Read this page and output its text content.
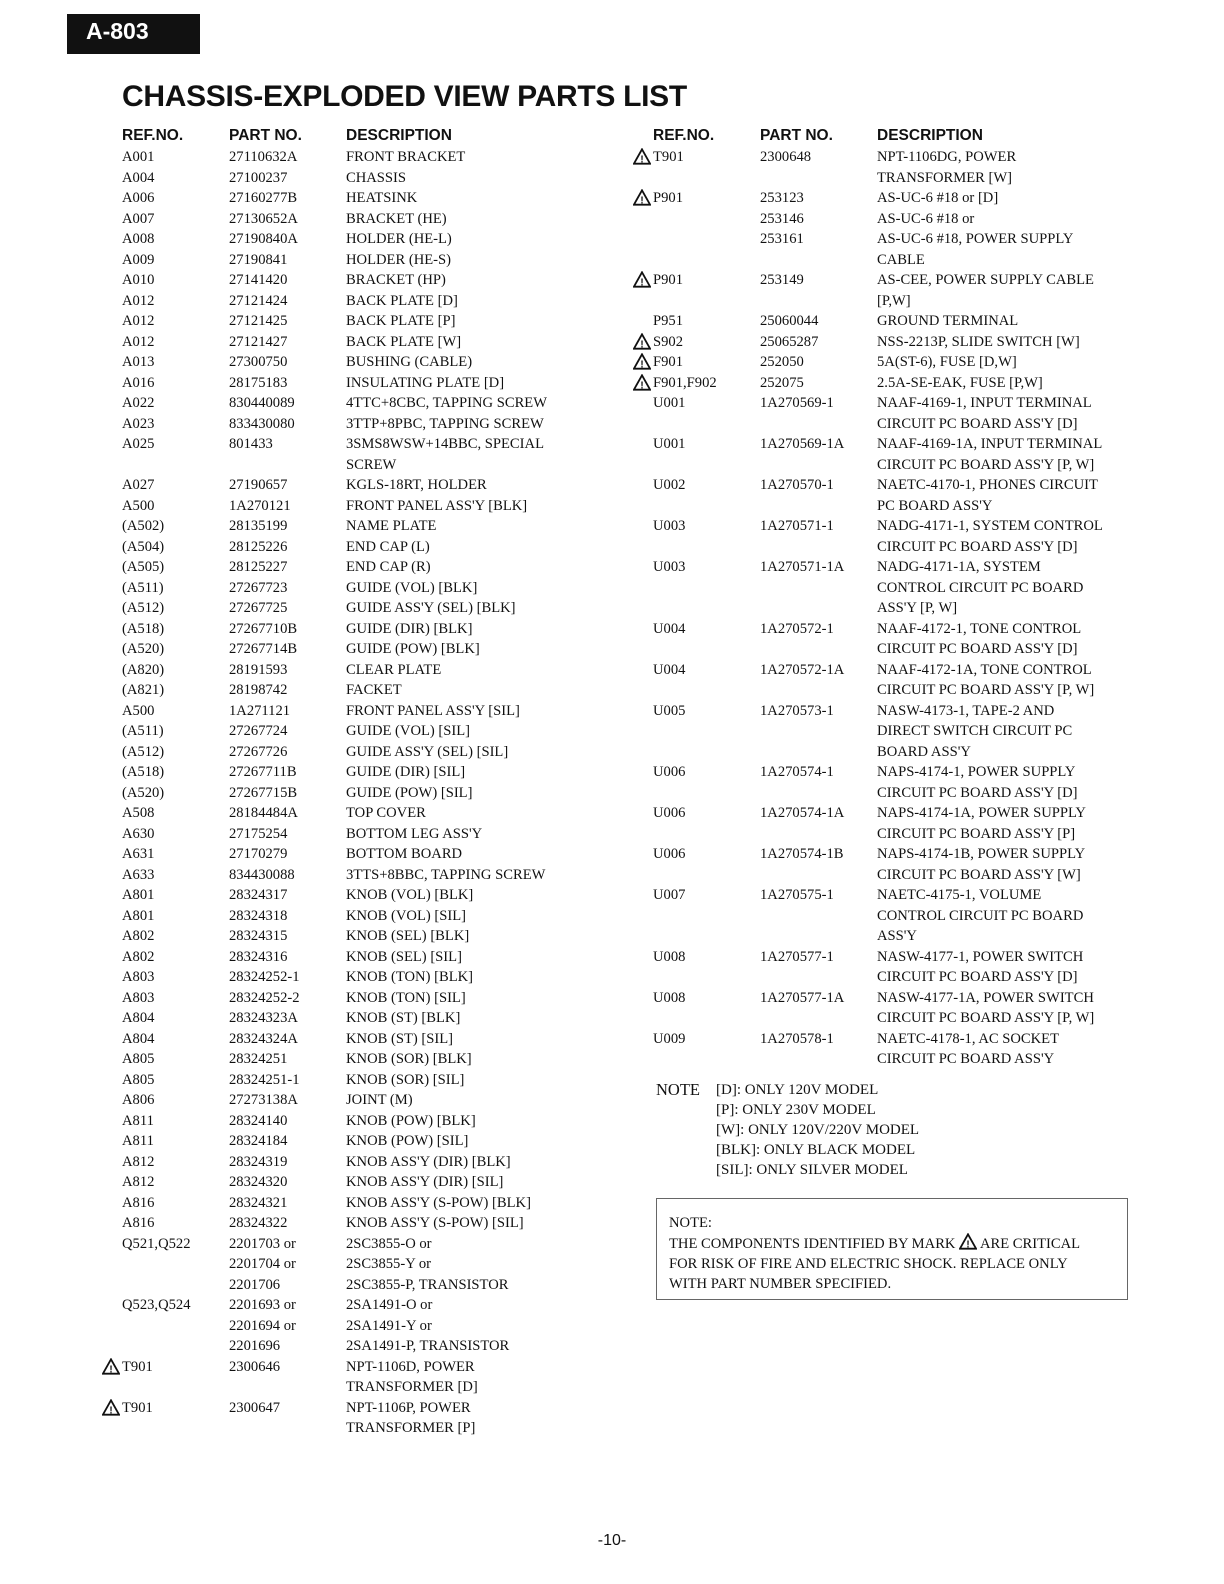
A-803
CHASSIS-EXPLODED VIEW PARTS LIST
REF.NO.	PART NO.	DESCRIPTION	REF.NO.	PART NO.	DESCRIPTION
A001	27110632A	FRONT BRACKET
A004	27100237	CHASSIS
A006	27160277B	HEATSINK
A007	27130652A	BRACKET (HE)
A008	27190840A	HOLDER (HE-L)
A009	27190841	HOLDER (HE-S)
A010	27141420	BRACKET (HP)
A012	27121424	BACK PLATE [D]
A012	27121425	BACK PLATE [P]
A012	27121427	BACK PLATE [W]
A013	27300750	BUSHING (CABLE)
A016	28175183	INSULATING PLATE [D]
A022	830440089	4TTC+8CBC, TAPPING SCREW
A023	833430080	3TTP+8PBC, TAPPING SCREW
A025	801433	3SMS8WSW+14BBC, SPECIAL
SCREW
A027	27190657	KGLS-18RT, HOLDER
A500	1A270121	FRONT PANEL ASS'Y [BLK]
(A502)	28135199	NAME PLATE
(A504)	28125226	END CAP (L)
(A505)	28125227	END CAP (R)
(A511)	27267723	GUIDE (VOL) [BLK]
(A512)	27267725	GUIDE ASS'Y (SEL) [BLK]
(A518)	27267710B	GUIDE (DIR) [BLK]
(A520)	27267714B	GUIDE (POW) [BLK]
(A820)	28191593	CLEAR PLATE
(A821)	28198742	FACKET
A500	1A271121	FRONT PANEL ASS'Y [SIL]
(A511)	27267724	GUIDE (VOL) [SIL]
(A512)	27267726	GUIDE ASS'Y (SEL) [SIL]
(A518)	27267711B	GUIDE (DIR) [SIL]
(A520)	27267715B	GUIDE (POW) [SIL]
A508	28184484A	TOP COVER
A630	27175254	BOTTOM LEG ASS'Y
A631	27170279	BOTTOM BOARD
A633	834430088	3TTS+8BBC, TAPPING SCREW
A801	28324317	KNOB (VOL) [BLK]
A801	28324318	KNOB (VOL) [SIL]
A802	28324315	KNOB (SEL) [BLK]
A802	28324316	KNOB (SEL) [SIL]
A803	28324252-1	KNOB (TON) [BLK]
A803	28324252-2	KNOB (TON) [SIL]
A804	28324323A	KNOB (ST) [BLK]
A804	28324324A	KNOB (ST) [SIL]
A805	28324251	KNOB (SOR) [BLK]
A805	28324251-1	KNOB (SOR) [SIL]
A806	27273138A	JOINT (M)
A811	28324140	KNOB (POW) [BLK]
A811	28324184	KNOB (POW) [SIL]
A812	28324319	KNOB ASS'Y (DIR) [BLK]
A812	28324320	KNOB ASS'Y (DIR) [SIL]
A816	28324321	KNOB ASS'Y (S-POW) [BLK]
A816	28324322	KNOB ASS'Y (S-POW) [SIL]
Q521,Q522	2201703 or	2SC3855-O or
2201704 or	2SC3855-Y or
2201706	2SC3855-P, TRANSISTOR
Q523,Q524	2201693 or	2SA1491-O or
2201694 or	2SA1491-Y or
2201696	2SA1491-P, TRANSISTOR
! T901	2300646	NPT-1106D, POWER
TRANSFORMER [D]
! T901	2300647	NPT-1106P, POWER
TRANSFORMER [P]
! T901	2300648	NPT-1106DG, POWER
TRANSFORMER [W]
! P901	253123	AS-UC-6 #18 or [D]
253146	AS-UC-6 #18 or
253161	AS-UC-6 #18, POWER SUPPLY
CABLE
! P901	253149	AS-CEE, POWER SUPPLY CABLE
[P,W]
P951	25060044	GROUND TERMINAL
! S902	25065287	NSS-2213P, SLIDE SWITCH [W]
! F901	252050	5A(ST-6), FUSE [D,W]
! F901,F902	252075	2.5A-SE-EAK, FUSE [P,W]
U001	1A270569-1	NAAF-4169-1, INPUT TERMINAL
CIRCUIT PC BOARD ASS'Y [D]
U001	1A270569-1A	NAAF-4169-1A, INPUT TERMINAL
CIRCUIT PC BOARD ASS'Y [P, W]
U002	1A270570-1	NAETC-4170-1, PHONES CIRCUIT
PC BOARD ASS'Y
U003	1A270571-1	NADG-4171-1, SYSTEM CONTROL
CIRCUIT PC BOARD ASS'Y [D]
U003	1A270571-1A	NADG-4171-1A, SYSTEM
CONTROL CIRCUIT PC BOARD
ASS'Y [P, W]
U004	1A270572-1	NAAF-4172-1, TONE CONTROL
CIRCUIT PC BOARD ASS'Y [D]
U004	1A270572-1A	NAAF-4172-1A, TONE CONTROL
CIRCUIT PC BOARD ASS'Y [P, W]
U005	1A270573-1	NASW-4173-1, TAPE-2 AND
DIRECT SWITCH CIRCUIT PC
BOARD ASS'Y
U006	1A270574-1	NAPS-4174-1, POWER SUPPLY
CIRCUIT PC BOARD ASS'Y [D]
U006	1A270574-1A	NAPS-4174-1A, POWER SUPPLY
CIRCUIT PC BOARD ASS'Y [P]
U006	1A270574-1B	NAPS-4174-1B, POWER SUPPLY
CIRCUIT PC BOARD ASS'Y [W]
U007	1A270575-1	NAETC-4175-1, VOLUME
CONTROL CIRCUIT PC BOARD
ASS'Y
U008	1A270577-1	NASW-4177-1, POWER SWITCH
CIRCUIT PC BOARD ASS'Y [D]
U008	1A270577-1A	NASW-4177-1A, POWER SWITCH
CIRCUIT PC BOARD ASS'Y [P, W]
U009	1A270578-1	NAETC-4178-1, AC SOCKET
CIRCUIT PC BOARD ASS'Y
NOTE [D]: ONLY 120V MODEL
[P]: ONLY 230V MODEL
[W]: ONLY 120V/220V MODEL
[BLK]: ONLY BLACK MODEL
[SIL]: ONLY SILVER MODEL
NOTE:
THE COMPONENTS IDENTIFIED BY MARK ! ARE CRITICAL
FOR RISK OF FIRE AND ELECTRIC SHOCK. REPLACE ONLY
WITH PART NUMBER SPECIFIED.
-10-
